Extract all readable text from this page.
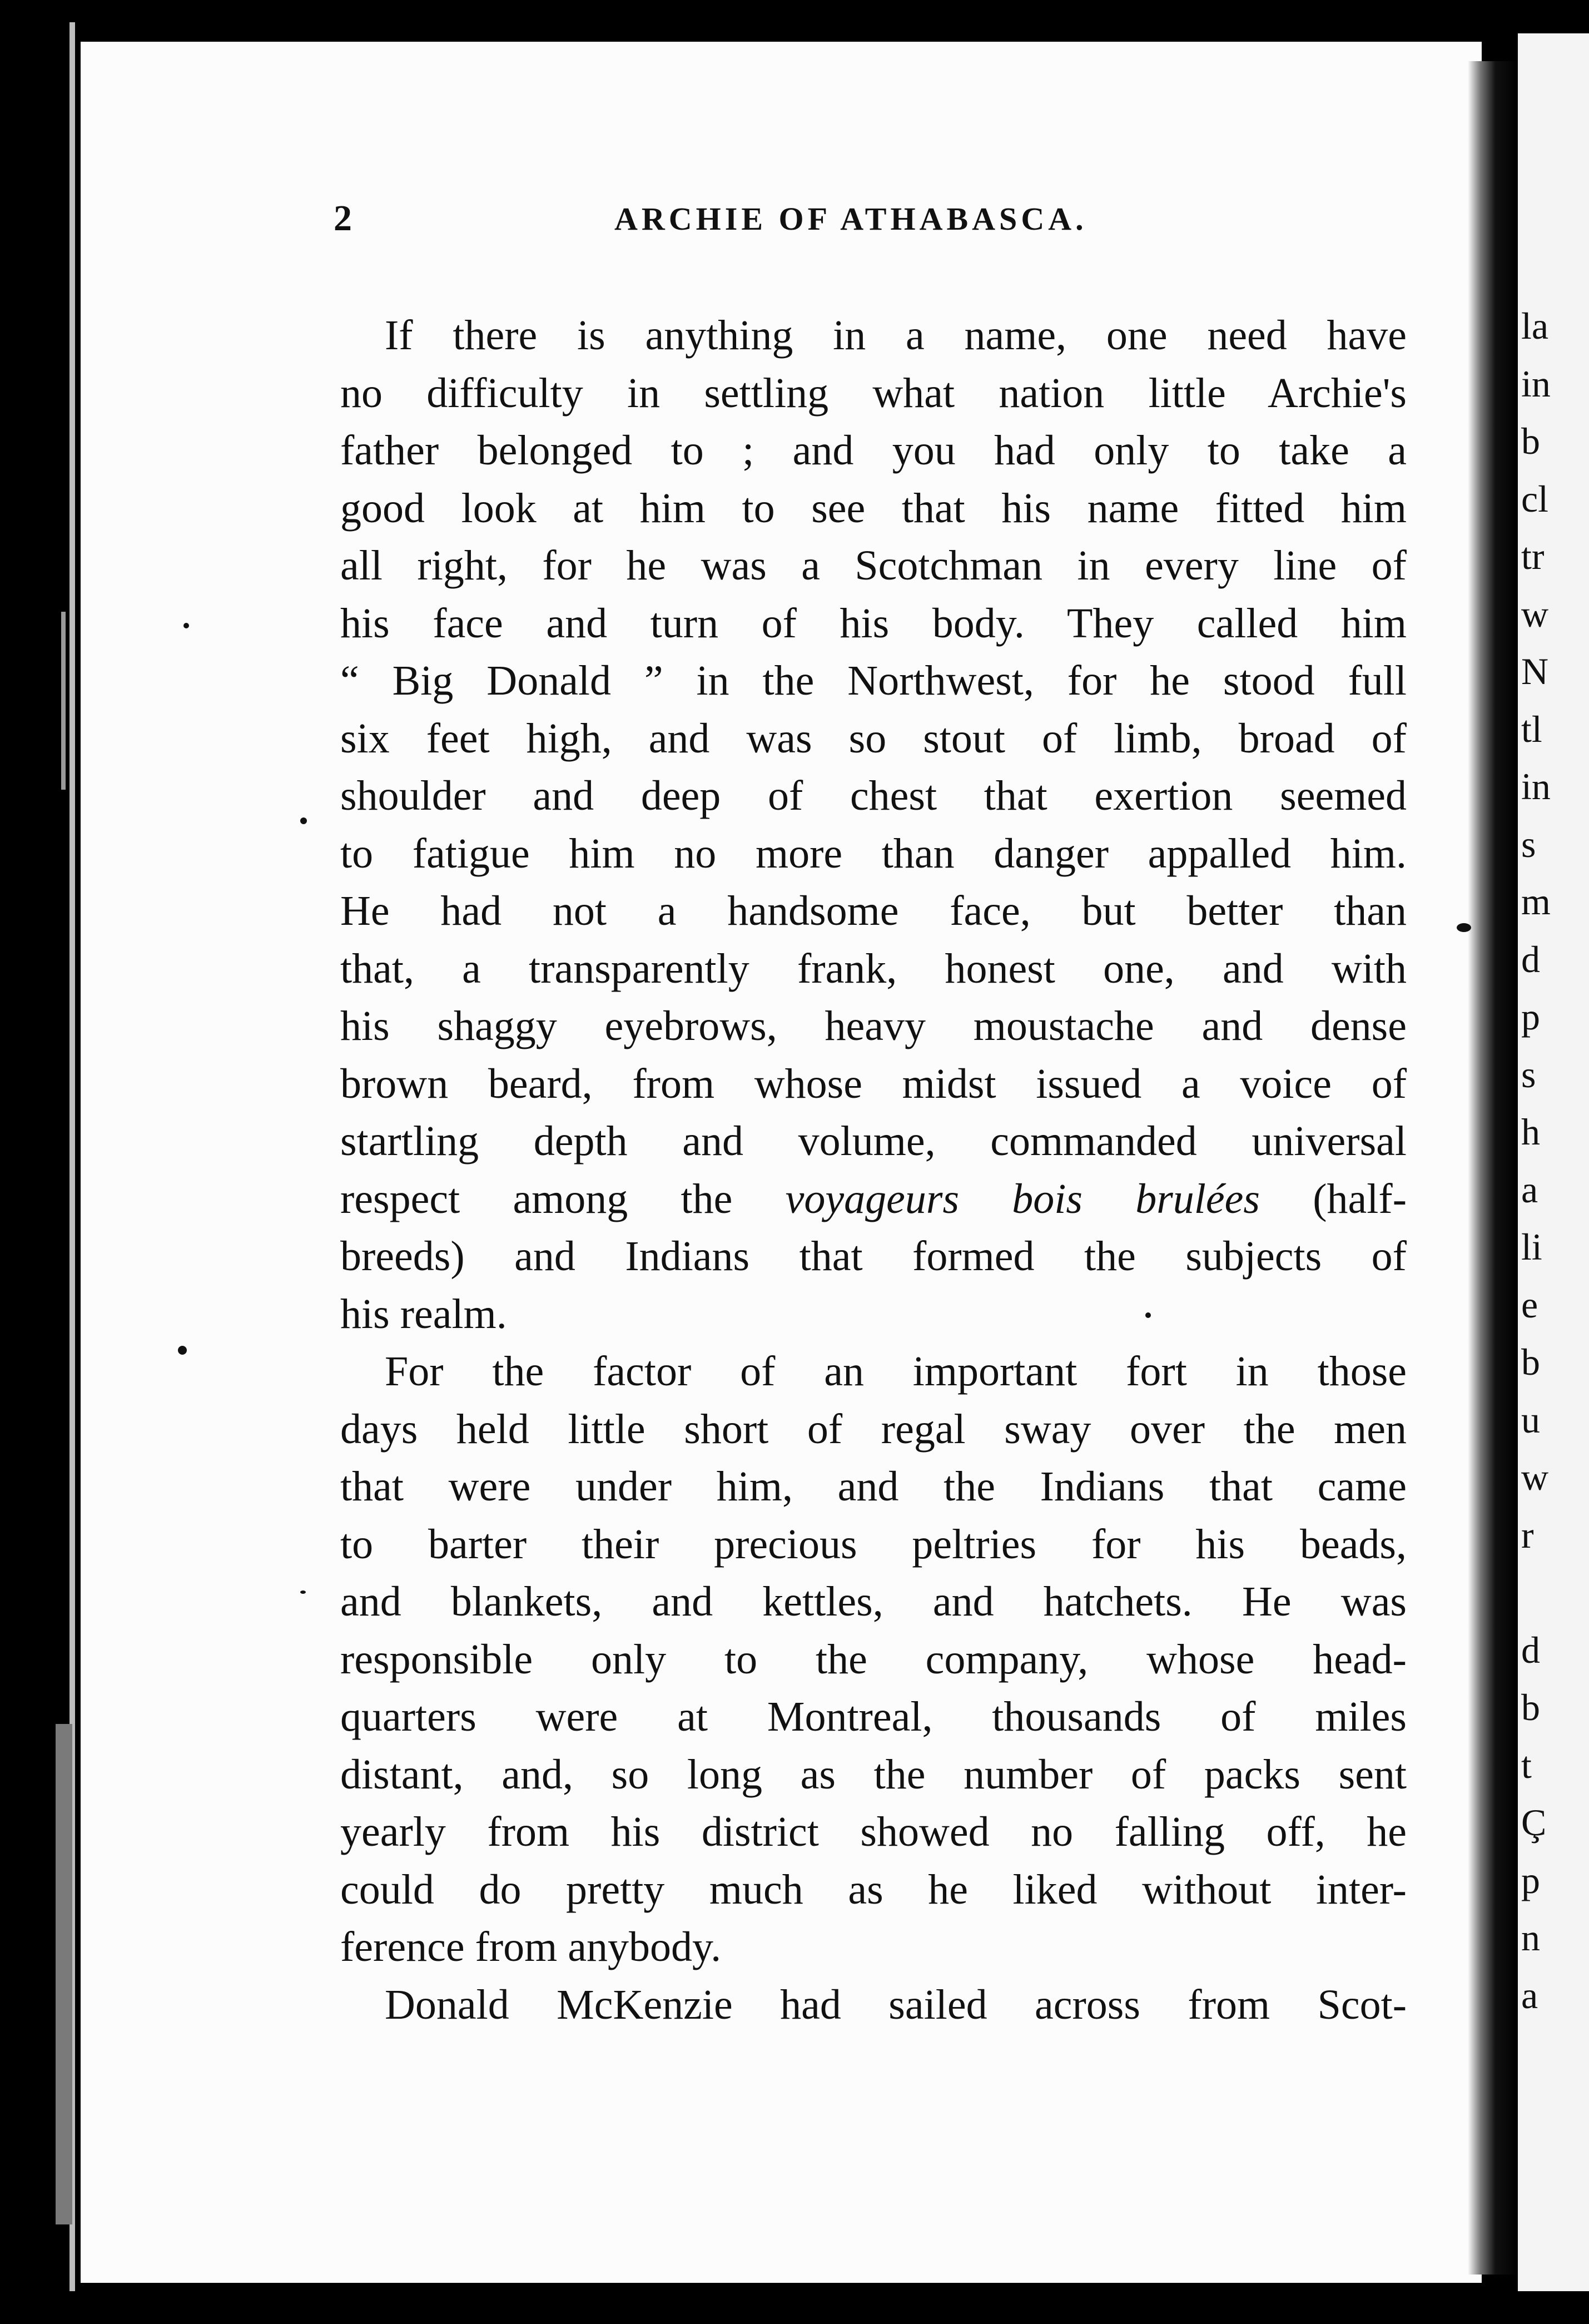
la
in
b
cl
tr
w
N
tl
in
s
m
d
p
s
h
a
li
e
b
u
w
r
d
b
t
Ç
p
n
a
2	ARCHIE OF ATHABASCA.
If there is anything in a name, one need have
no difficulty in settling what nation little Archie's
father belonged to ; and you had only to take a
good look at him to see that his name fitted him
all right, for he was a Scotchman in every line of
his face and turn of his body. They called him
“ Big Donald ” in the Northwest, for he stood full
six feet high, and was so stout of limb, broad of
shoulder and deep of chest that exertion seemed
to fatigue him no more than danger appalled him.
He had not a handsome face, but better than
that, a transparently frank, honest one, and with
his shaggy eyebrows, heavy moustache and dense
brown beard, from whose midst issued a voice of
startling depth and volume, commanded universal
respect among the voyageurs bois brulées (half-
breeds) and Indians that formed the subjects of
his realm.
For the factor of an important fort in those
days held little short of regal sway over the men
that were under him, and the Indians that came
to barter their precious peltries for his beads,
and blankets, and kettles, and hatchets. He was
responsible only to the company, whose head-
quarters were at Montreal, thousands of miles
distant, and, so long as the number of packs sent
yearly from his district showed no falling off, he
could do pretty much as he liked without inter-
ference from anybody.
Donald McKenzie had sailed across from Scot-
